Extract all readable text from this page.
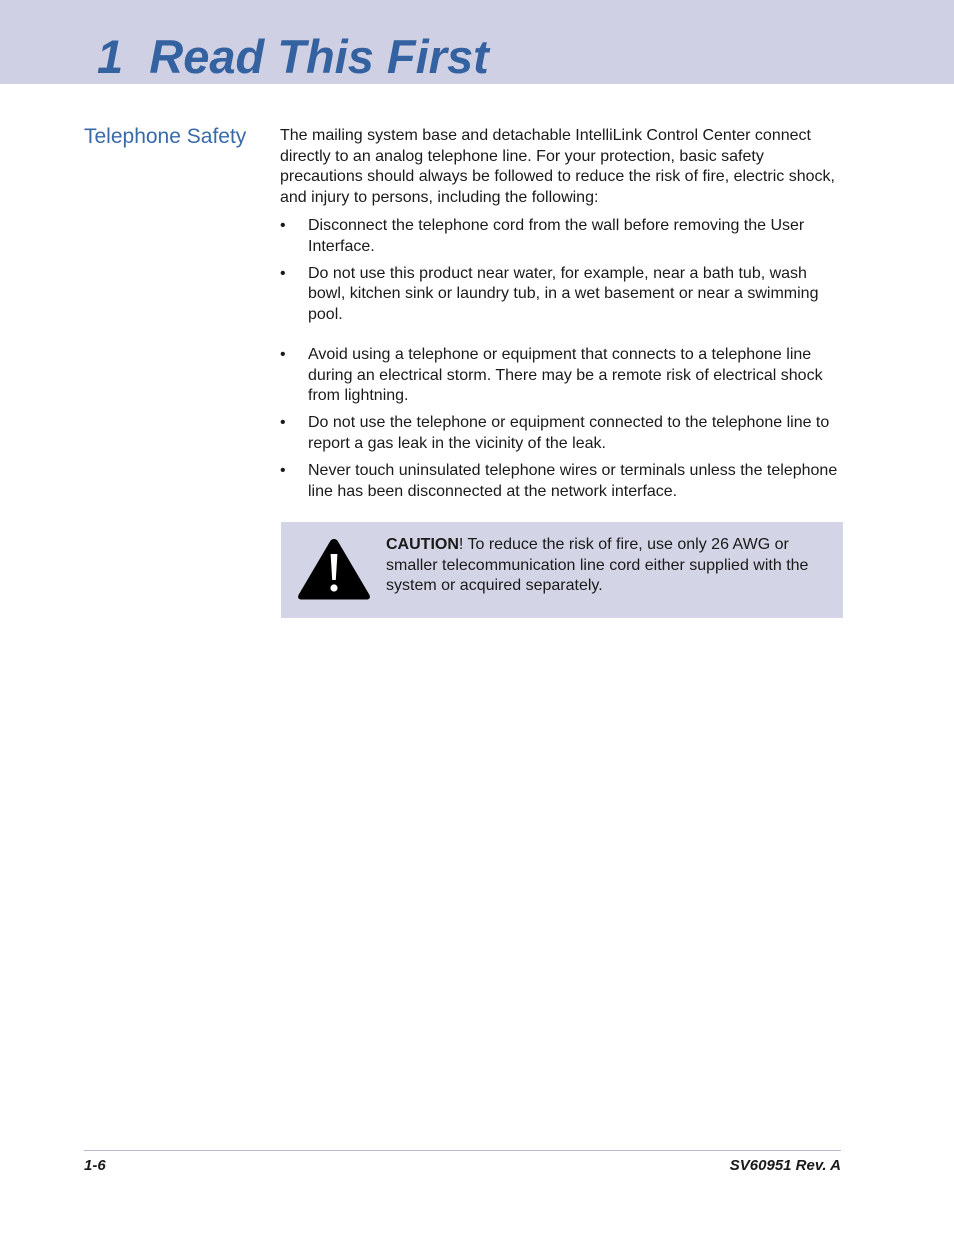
1  Read This First
Telephone Safety	The mailing system base and detachable IntelliLink Control Center connect directly to an analog telephone line. For your protection, basic safety precautions should always be followed to reduce the risk of fire, electric shock, and injury to persons, including the following:

• Disconnect the telephone cord from the wall before removing the User Interface.
• Do not use this product near water, for example, near a bath tub, wash bowl, kitchen sink or laundry tub, in a wet basement or near a swimming pool.
• Avoid using a telephone or equipment that connects to a telephone line during an electrical storm. There may be a remote risk of electrical shock from lightning.
• Do not use the telephone or equipment connected to the telephone line to report a gas leak in the vicinity of the leak.
• Never touch uninsulated telephone wires or terminals unless the telephone line has been disconnected at the network interface.

CAUTION! To reduce the risk of fire, use only 26 AWG or smaller telecommunication line cord either supplied with the system or acquired separately.

1-6	SV60951 Rev. A
